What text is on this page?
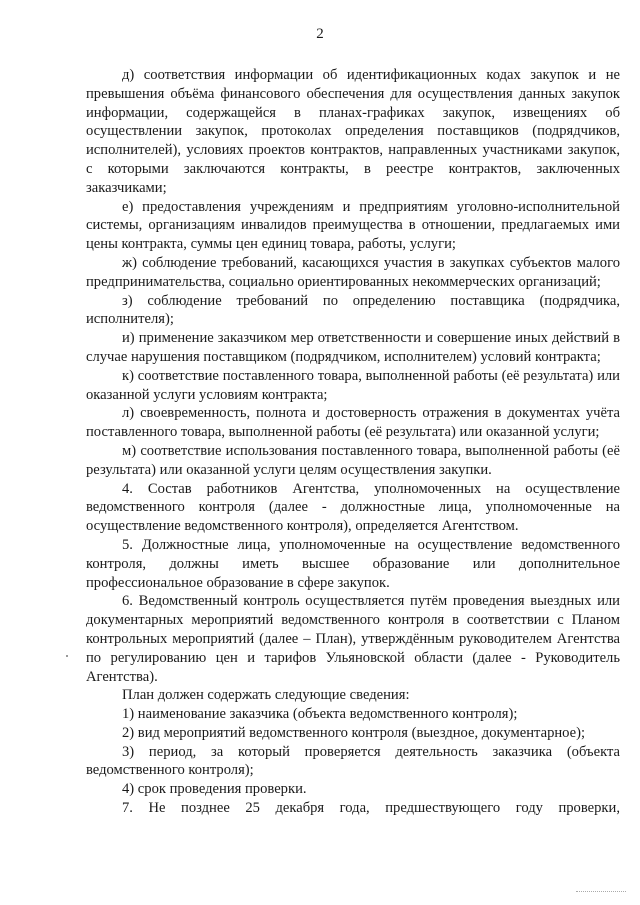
2

д) соответствия информации об идентификационных кодах закупок и не превышения объёма финансового обеспечения для осуществления данных закупок информации, содержащейся в планах-графиках закупок, извещениях об осуществлении закупок, протоколах определения поставщиков (подрядчиков, исполнителей), условиях проектов контрактов, направленных участниками закупок, с которыми заключаются контракты, в реестре контрактов, заключенных заказчиками;

е) предоставления учреждениям и предприятиям уголовно-исполнительной системы, организациям инвалидов преимущества в отношении, предлагаемых ими цены контракта, суммы цен единиц товара, работы, услуги;

ж) соблюдение требований, касающихся участия в закупках субъектов малого предпринимательства, социально ориентированных некоммерческих организаций;

з) соблюдение требований по определению поставщика (подрядчика, исполнителя);

и) применение заказчиком мер ответственности и совершение иных действий в случае нарушения поставщиком (подрядчиком, исполнителем) условий контракта;

к) соответствие поставленного товара, выполненной работы (её результата) или оказанной услуги условиям контракта;

л) своевременность, полнота и достоверность отражения в документах учёта поставленного товара, выполненной работы (её результата) или оказанной услуги;

м) соответствие использования поставленного товара, выполненной работы (её результата) или оказанной услуги целям осуществления закупки.

4. Состав работников Агентства, уполномоченных на осуществление ведомственного контроля (далее - должностные лица, уполномоченные на осуществление ведомственного контроля), определяется Агентством.

5. Должностные лица, уполномоченные на осуществление ведомственного контроля, должны иметь высшее образование или дополнительное профессиональное образование в сфере закупок.

6. Ведомственный контроль осуществляется путём проведения выездных или документарных мероприятий ведомственного контроля в соответствии с Планом контрольных мероприятий (далее – План), утверждённым руководителем Агентства по регулированию цен и тарифов Ульяновской области (далее - Руководитель Агентства).

План должен содержать следующие сведения:

1) наименование заказчика (объекта ведомственного контроля);

2) вид мероприятий ведомственного контроля (выездное, документарное);

3) период, за который проверяется деятельность заказчика (объекта ведомственного контроля);

4) срок проведения проверки.

7. Не позднее 25 декабря года, предшествующего году проверки,
